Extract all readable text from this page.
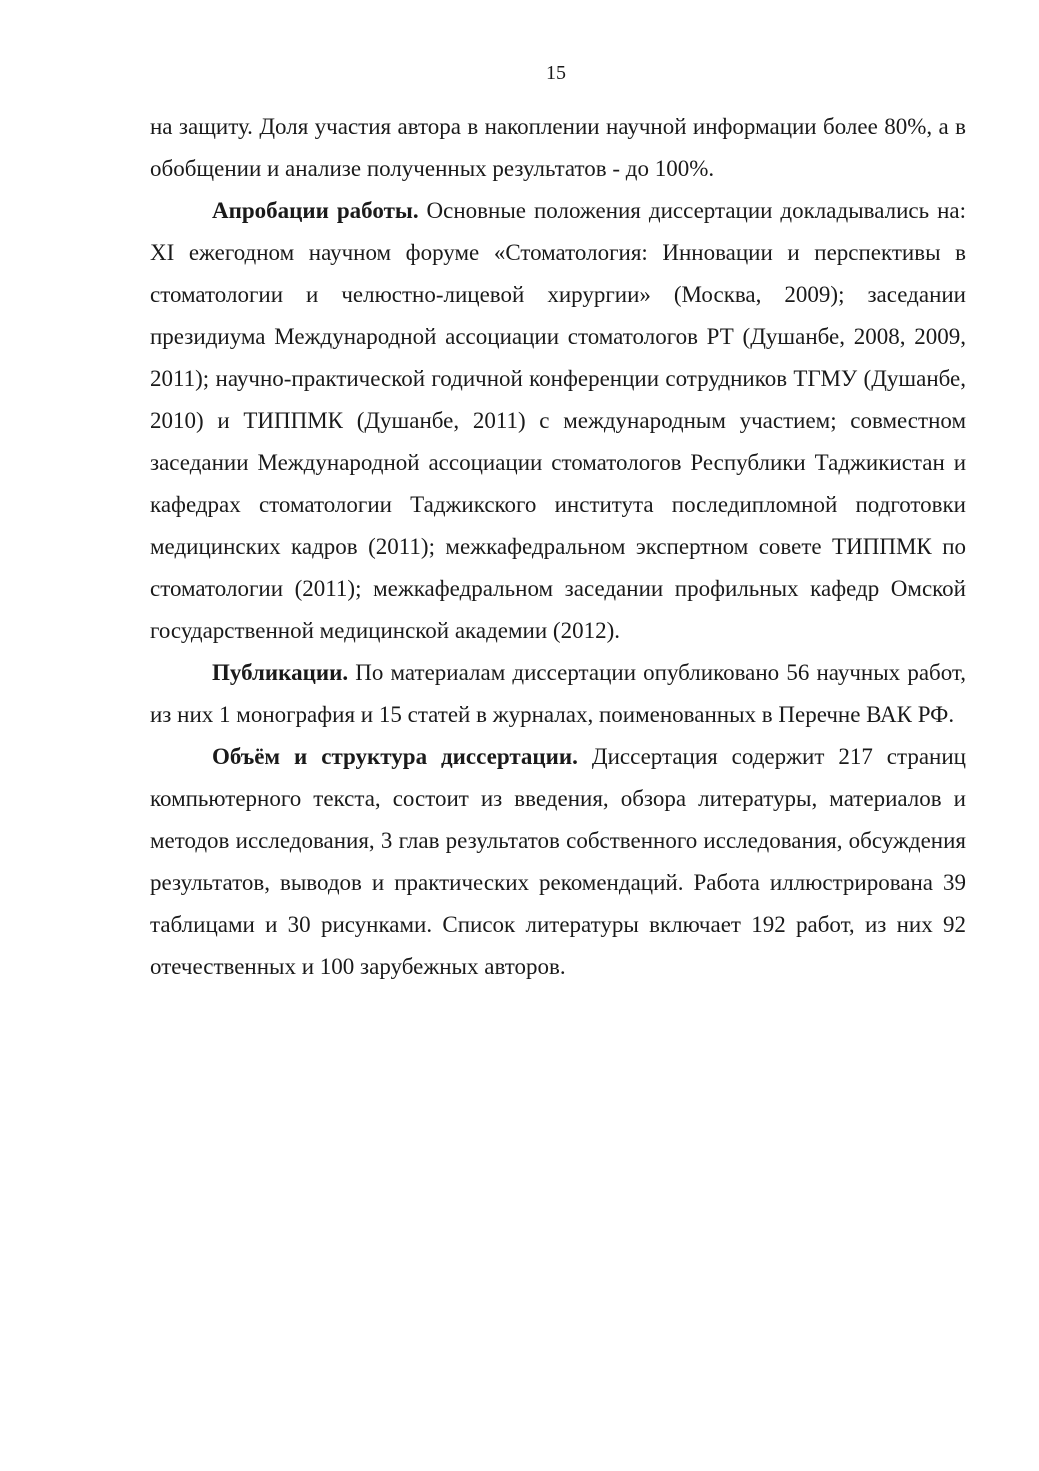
15

на защиту. Доля участия автора в накоплении научной информации более 80%, а в обобщении и анализе полученных результатов - до 100%.

Апробации работы. Основные положения диссертации докладывались на: XI ежегодном научном форуме «Стоматология: Инновации и перспективы в стоматологии и челюстно-лицевой хирургии» (Москва, 2009); заседании президиума Международной ассоциации стоматологов РТ (Душанбе, 2008, 2009, 2011); научно-практической годичной конференции сотрудников ТГМУ (Душанбе, 2010) и ТИППМК (Душанбе, 2011) с международным участием; совместном заседании Международной ассоциации стоматологов Республики Таджикистан и кафедрах стоматологии Таджикского института последипломной подготовки медицинских кадров (2011); межкафедральном экспертном совете ТИППМК по стоматологии (2011); межкафедральном заседании профильных кафедр Омской государственной медицинской академии (2012).

Публикации. По материалам диссертации опубликовано 56 научных работ, из них 1 монография и 15 статей в журналах, поименованных в Перечне ВАК РФ.

Объём и структура диссертации. Диссертация содержит 217 страниц компьютерного текста, состоит из введения, обзора литературы, материалов и методов исследования, 3 глав результатов собственного исследования, обсуждения результатов, выводов и практических рекомендаций. Работа иллюстрирована 39 таблицами и 30 рисунками. Список литературы включает 192 работ, из них 92 отечественных и 100 зарубежных авторов.
